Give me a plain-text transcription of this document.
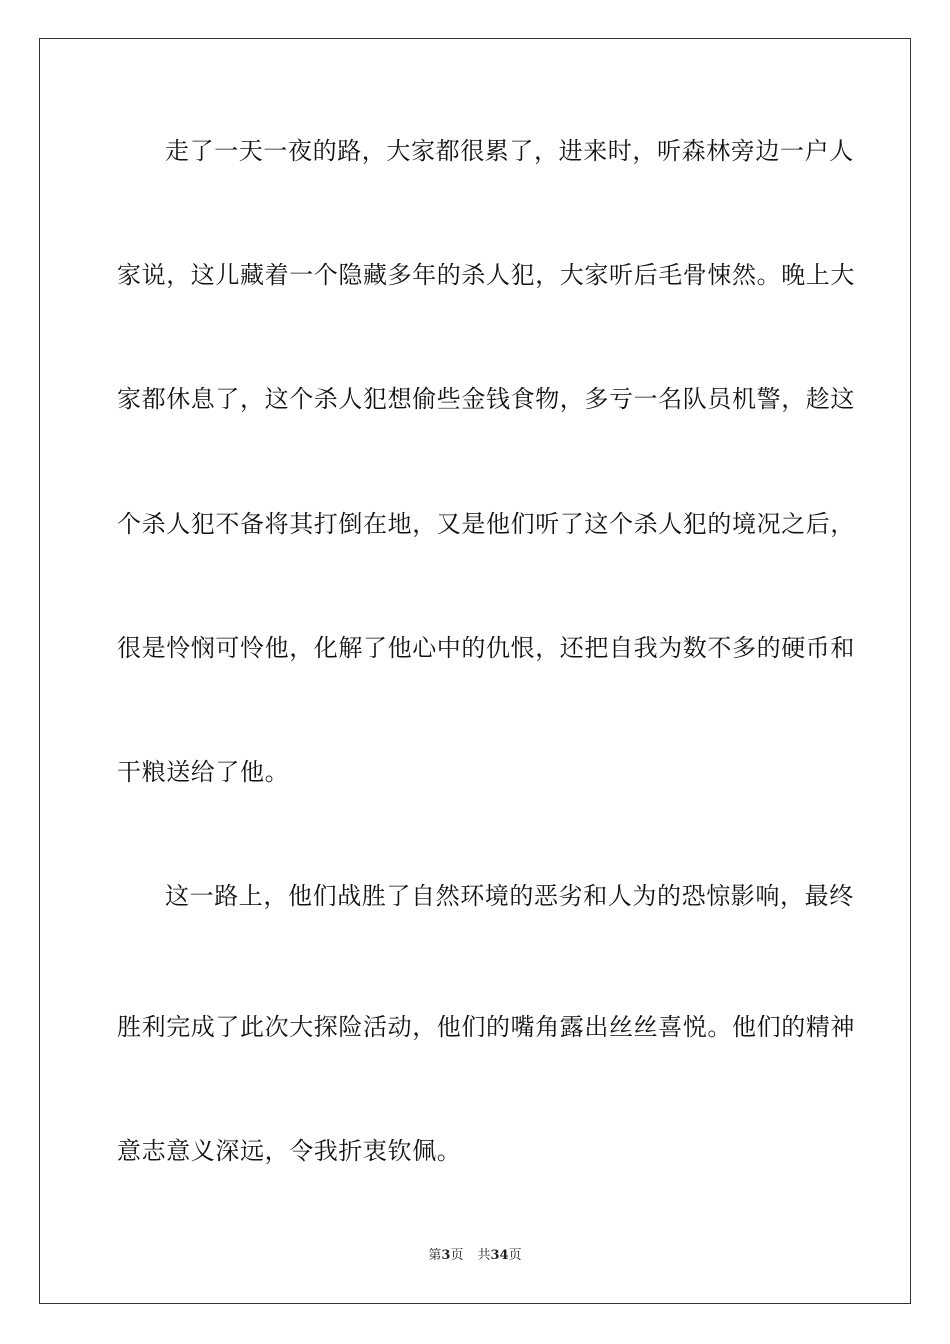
走了一天一夜的路，大家都很累了，进来时，听森林旁边一户人
家说，这儿藏着一个隐藏多年的杀人犯，大家听后毛骨悚然。晚上大
家都休息了，这个杀人犯想偷些金钱食物，多亏一名队员机警，趁这
个杀人犯不备将其打倒在地，又是他们听了这个杀人犯的境况之后，
很是怜悯可怜他，化解了他心中的仇恨，还把自我为数不多的硬币和
干粮送给了他。
这一路上，他们战胜了自然环境的恶劣和人为的恐惊影响，最终
胜利完成了此次大探险活动，他们的嘴角露出丝丝喜悦。他们的精神
意志意义深远，令我折衷钦佩。
第3页 共34页
